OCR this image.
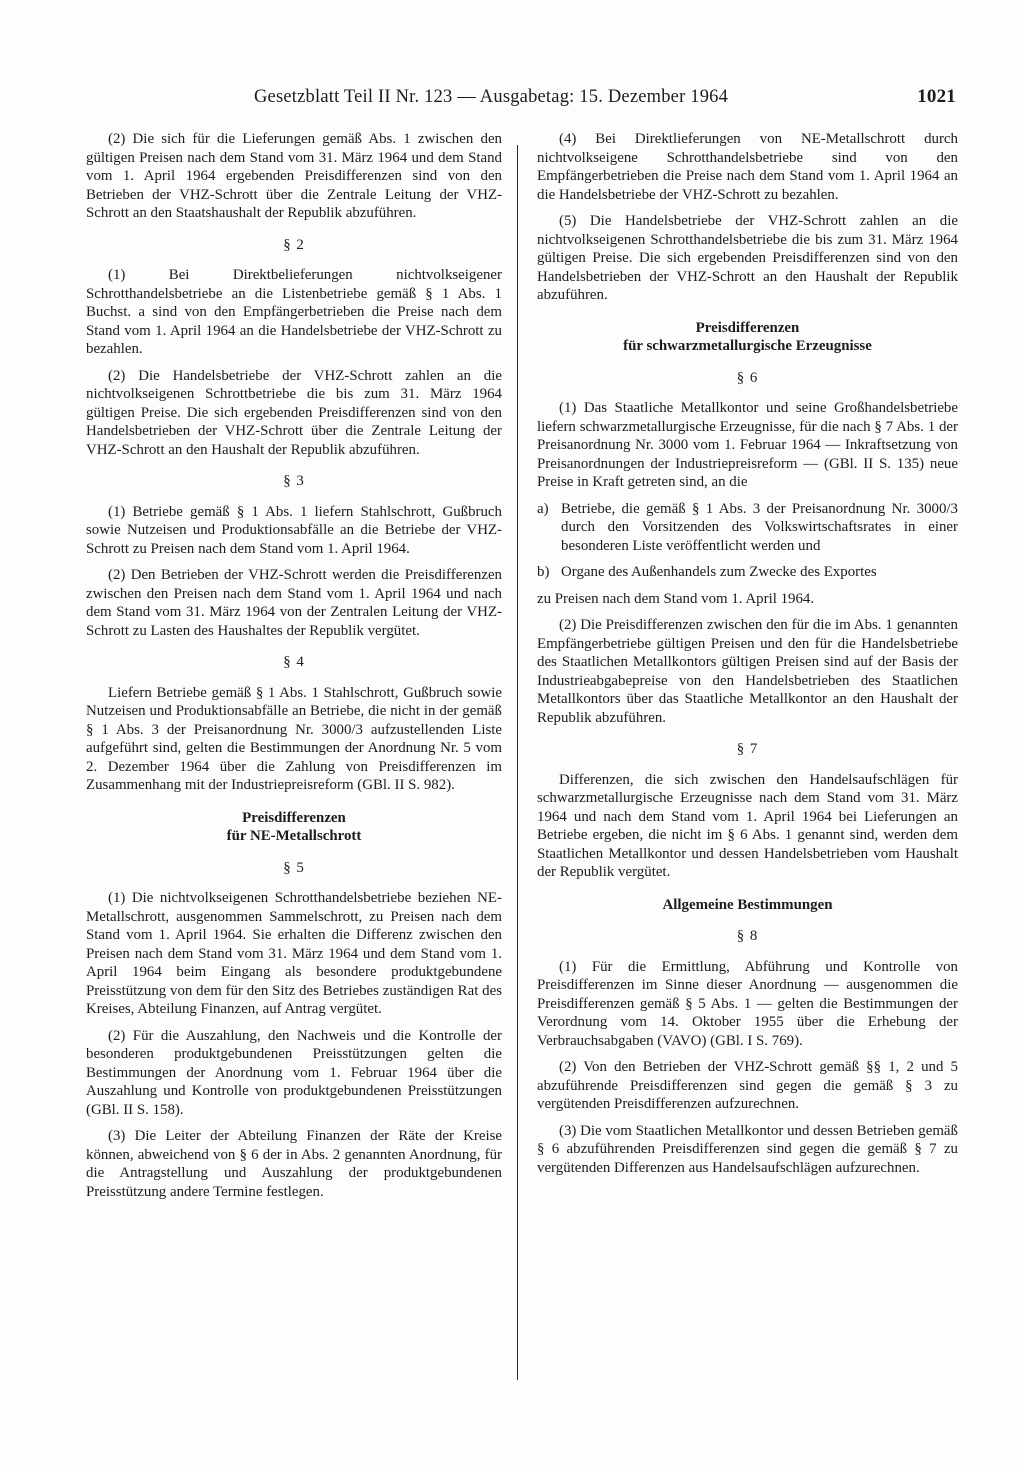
Gesetzblatt Teil II Nr. 123 — Ausgabetag: 15. Dezember 1964	1021

(2) Die sich für die Lieferungen gemäß Abs. 1 zwischen den gültigen Preisen nach dem Stand vom 31. März 1964 und dem Stand vom 1. April 1964 ergebenden Preisdifferenzen sind von den Betrieben der VHZ-Schrott über die Zentrale Leitung der VHZ-Schrott an den Staatshaushalt der Republik abzuführen.

§ 2

(1) Bei Direktbelieferungen nichtvolkseigener Schrotthandelsbetriebe an die Listenbetriebe gemäß § 1 Abs. 1 Buchst. a sind von den Empfängerbetrieben die Preise nach dem Stand vom 1. April 1964 an die Handelsbetriebe der VHZ-Schrott zu bezahlen.

(2) Die Handelsbetriebe der VHZ-Schrott zahlen an die nichtvolkseigenen Schrottbetriebe die bis zum 31. März 1964 gültigen Preise. Die sich ergebenden Preisdifferenzen sind von den Handelsbetrieben der VHZ-Schrott über die Zentrale Leitung der VHZ-Schrott an den Haushalt der Republik abzuführen.

§ 3

(1) Betriebe gemäß § 1 Abs. 1 liefern Stahlschrott, Gußbruch sowie Nutzeisen und Produktionsabfälle an die Betriebe der VHZ-Schrott zu Preisen nach dem Stand vom 1. April 1964.

(2) Den Betrieben der VHZ-Schrott werden die Preisdifferenzen zwischen den Preisen nach dem Stand vom 1. April 1964 und nach dem Stand vom 31. März 1964 von der Zentralen Leitung der VHZ-Schrott zu Lasten des Haushaltes der Republik vergütet.

§ 4

Liefern Betriebe gemäß § 1 Abs. 1 Stahlschrott, Gußbruch sowie Nutzeisen und Produktionsabfälle an Betriebe, die nicht in der gemäß § 1 Abs. 3 der Preisanordnung Nr. 3000/3 aufzustellenden Liste aufgeführt sind, gelten die Bestimmungen der Anordnung Nr. 5 vom 2. Dezember 1964 über die Zahlung von Preisdifferenzen im Zusammenhang mit der Industriepreisreform (GBl. II S. 982).

Preisdifferenzen
für NE-Metallschrott
§ 5

(1) Die nichtvolkseigenen Schrotthandelsbetriebe beziehen NE-Metallschrott, ausgenommen Sammelschrott, zu Preisen nach dem Stand vom 1. April 1964. Sie erhalten die Differenz zwischen den Preisen nach dem Stand vom 31. März 1964 und dem Stand vom 1. April 1964 beim Eingang als besondere produktgebundene Preisstützung von dem für den Sitz des Betriebes zuständigen Rat des Kreises, Abteilung Finanzen, auf Antrag vergütet.

(2) Für die Auszahlung, den Nachweis und die Kontrolle der besonderen produktgebundenen Preisstützungen gelten die Bestimmungen der Anordnung vom 1. Februar 1964 über die Auszahlung und Kontrolle von produktgebundenen Preisstützungen (GBl. II S. 158).

(3) Die Leiter der Abteilung Finanzen der Räte der Kreise können, abweichend von § 6 der in Abs. 2 genannten Anordnung, für die Antragstellung und Auszahlung der produktgebundenen Preisstützung andere Termine festlegen.

(4) Bei Direktlieferungen von NE-Metallschrott durch nichtvolkseigene Schrotthandelsbetriebe sind von den Empfängerbetrieben die Preise nach dem Stand vom 1. April 1964 an die Handelsbetriebe der VHZ-Schrott zu bezahlen.

(5) Die Handelsbetriebe der VHZ-Schrott zahlen an die nichtvolkseigenen Schrotthandelsbetriebe die bis zum 31. März 1964 gültigen Preise. Die sich ergebenden Preisdifferenzen sind von den Handelsbetrieben der VHZ-Schrott an den Haushalt der Republik abzuführen.

Preisdifferenzen
für schwarzmetallurgische Erzeugnisse
§ 6

(1) Das Staatliche Metallkontor und seine Großhandelsbetriebe liefern schwarzmetallurgische Erzeugnisse, für die nach § 7 Abs. 1 der Preisanordnung Nr. 3000 vom 1. Februar 1964 — Inkraftsetzung von Preisanordnungen der Industriepreisreform — (GBl. II S. 135) neue Preise in Kraft getreten sind, an die

a) Betriebe, die gemäß § 1 Abs. 3 der Preisanordnung Nr. 3000/3 durch den Vorsitzenden des Volkswirtschaftsrates in einer besonderen Liste veröffentlicht werden und
b) Organe des Außenhandels zum Zwecke des Exportes

zu Preisen nach dem Stand vom 1. April 1964.

(2) Die Preisdifferenzen zwischen den für die im Abs. 1 genannten Empfängerbetriebe gültigen Preisen und den für die Handelsbetriebe des Staatlichen Metallkontors gültigen Preisen sind auf der Basis der Industrieabgabepreise von den Handelsbetrieben des Staatlichen Metallkontors über das Staatliche Metallkontor an den Haushalt der Republik abzuführen.

§ 7

Differenzen, die sich zwischen den Handelsaufschlägen für schwarzmetallurgische Erzeugnisse nach dem Stand vom 31. März 1964 und nach dem Stand vom 1. April 1964 bei Lieferungen an Betriebe ergeben, die nicht im § 6 Abs. 1 genannt sind, werden dem Staatlichen Metallkontor und dessen Handelsbetrieben vom Haushalt der Republik vergütet.

Allgemeine Bestimmungen
§ 8

(1) Für die Ermittlung, Abführung und Kontrolle von Preisdifferenzen im Sinne dieser Anordnung — ausgenommen die Preisdifferenzen gemäß § 5 Abs. 1 — gelten die Bestimmungen der Verordnung vom 14. Oktober 1955 über die Erhebung der Verbrauchsabgaben (VAVO) (GBl. I S. 769).

(2) Von den Betrieben der VHZ-Schrott gemäß §§ 1, 2 und 5 abzuführende Preisdifferenzen sind gegen die gemäß § 3 zu vergütenden Preisdifferenzen aufzurechnen.

(3) Die vom Staatlichen Metallkontor und dessen Betrieben gemäß § 6 abzuführenden Preisdifferenzen sind gegen die gemäß § 7 zu vergütenden Differenzen aus Handelsaufschlägen aufzurechnen.
